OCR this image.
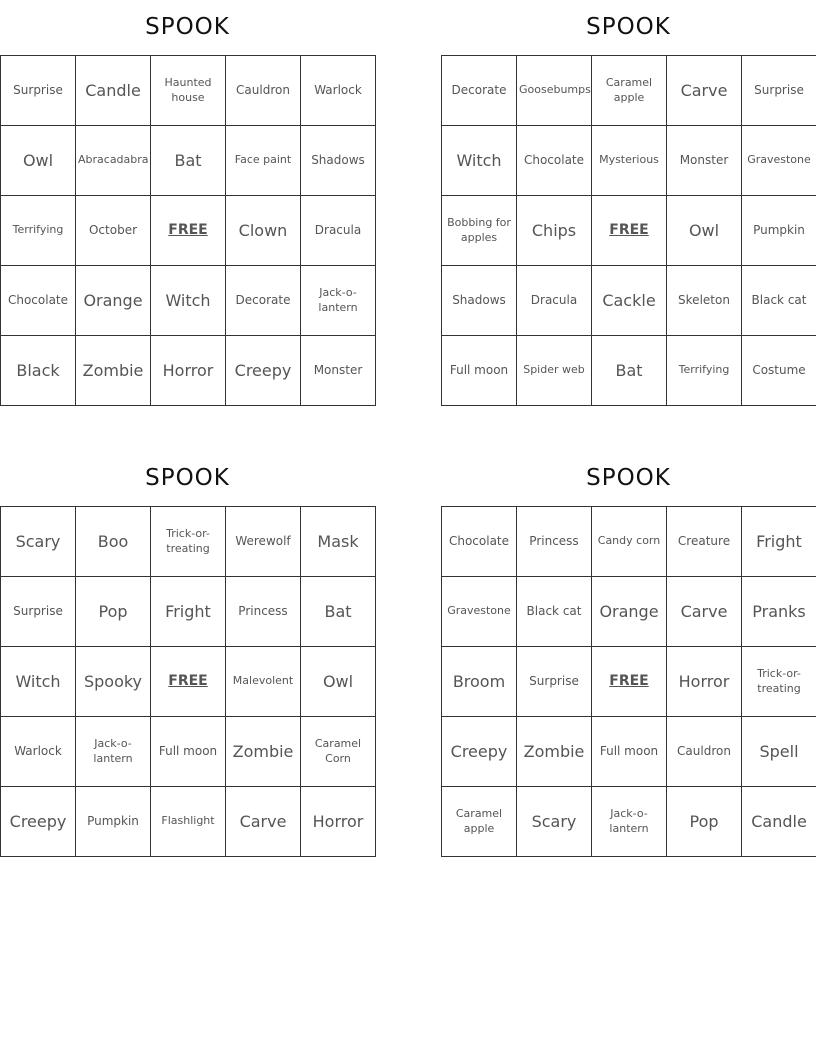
SPOOK
Surprise	Candle	Haunted house	Cauldron	Warlock
Owl	Abracadabra	Bat	Face paint	Shadows
Terrifying	October	FREE	Clown	Dracula
Chocolate	Orange	Witch	Decorate	Jack-o-lantern
Black	Zombie	Horror	Creepy	Monster
SPOOK
Decorate	Goosebumps	Caramel apple	Carve	Surprise
Witch	Chocolate	Mysterious	Monster	Gravestone
Bobbing for apples	Chips	FREE	Owl	Pumpkin
Shadows	Dracula	Cackle	Skeleton	Black cat
Full moon	Spider web	Bat	Terrifying	Costume
SPOOK
Scary	Boo	Trick-or-treating	Werewolf	Mask
Surprise	Pop	Fright	Princess	Bat
Witch	Spooky	FREE	Malevolent	Owl
Warlock	Jack-o-lantern	Full moon	Zombie	Caramel Corn
Creepy	Pumpkin	Flashlight	Carve	Horror
SPOOK
Chocolate	Princess	Candy corn	Creature	Fright
Gravestone	Black cat	Orange	Carve	Pranks
Broom	Surprise	FREE	Horror	Trick-or-treating
Creepy	Zombie	Full moon	Cauldron	Spell
Caramel apple	Scary	Jack-o-lantern	Pop	Candle
